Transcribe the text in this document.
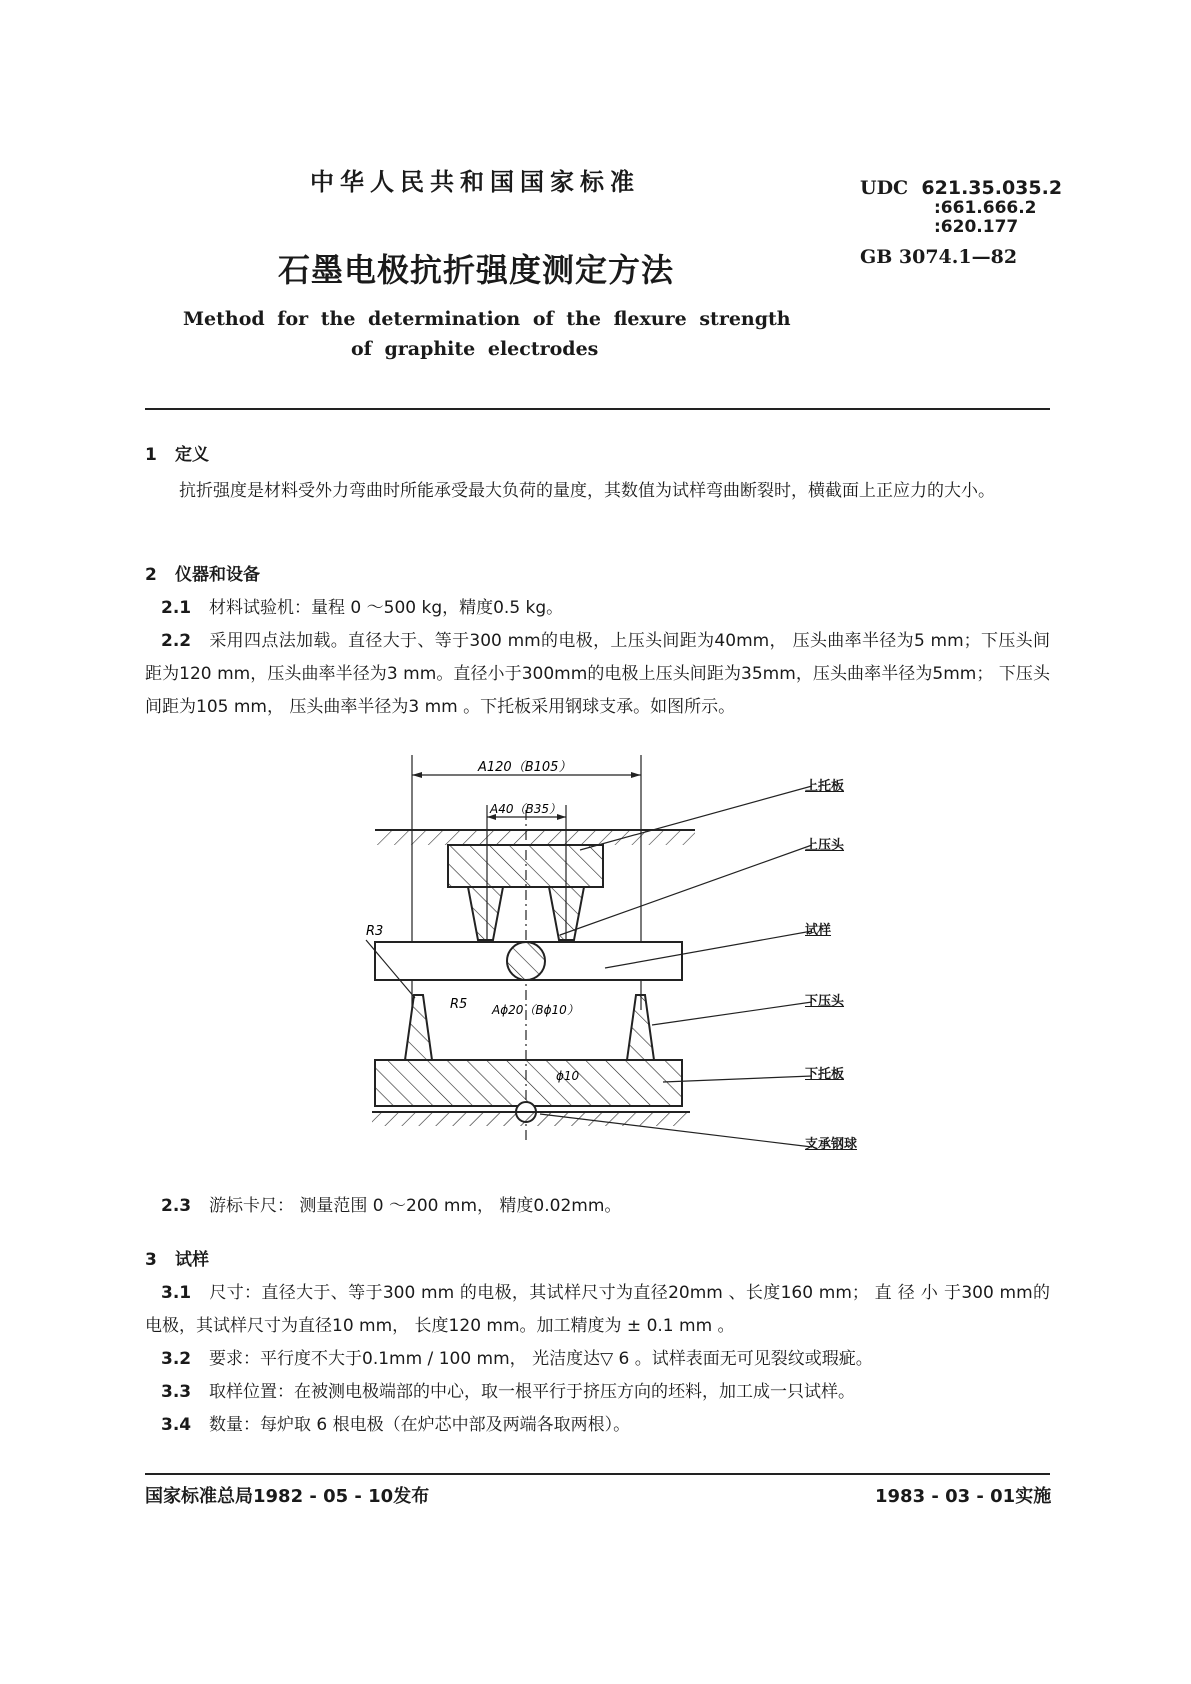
中华人民共和国国家标准	UDC 621.35.035.2
:661.666.2
:620.177
石墨电极抗折强度测定方法	GB 3074.1—82
Method for the determination of the flexure strength
of graphite electrodes
1 定义
抗折强度是材料受外力弯曲时所能承受最大负荷的量度，其数值为试样弯曲断裂时，横截面上正应力的大小。
2 仪器和设备
2.1 材料试验机：量程 0 ～500 kg，精度0.5 kg。
2.2 采用四点法加载。直径大于、等于300 mm的电极，上压头间距为40mm， 压头曲率半径为5 mm；下压头间距为120 mm，压头曲率半径为3 mm。直径小于300mm的电极上压头间距为35mm，压头曲率半径为5mm； 下压头间距为105 mm， 压头曲率半径为3 mm 。下托板采用钢球支承。如图所示。
A120（B105）
A40（B35）
R3
R5 Aϕ20（Bϕ10）
ϕ10
上托板
上压头
试样
下压头
下托板
支承钢球
2.3 游标卡尺： 测量范围 0 ～200 mm， 精度0.02mm。
3 试样
3.1 尺寸：直径大于、等于300 mm 的电极，其试样尺寸为直径20mm 、长度160 mm； 直 径 小 于300 mm的电极，其试样尺寸为直径10 mm， 长度120 mm。加工精度为 ± 0.1 mm 。
3.2 要求：平行度不大于0.1mm / 100 mm， 光洁度达▽ 6 。试样表面无可见裂纹或瑕疵。
3.3 取样位置：在被测电极端部的中心，取一根平行于挤压方向的坯料，加工成一只试样。
3.4 数量：每炉取 6 根电极（在炉芯中部及两端各取两根）。
国家标准总局1982 - 05 - 10发布	1983 - 03 - 01实施
